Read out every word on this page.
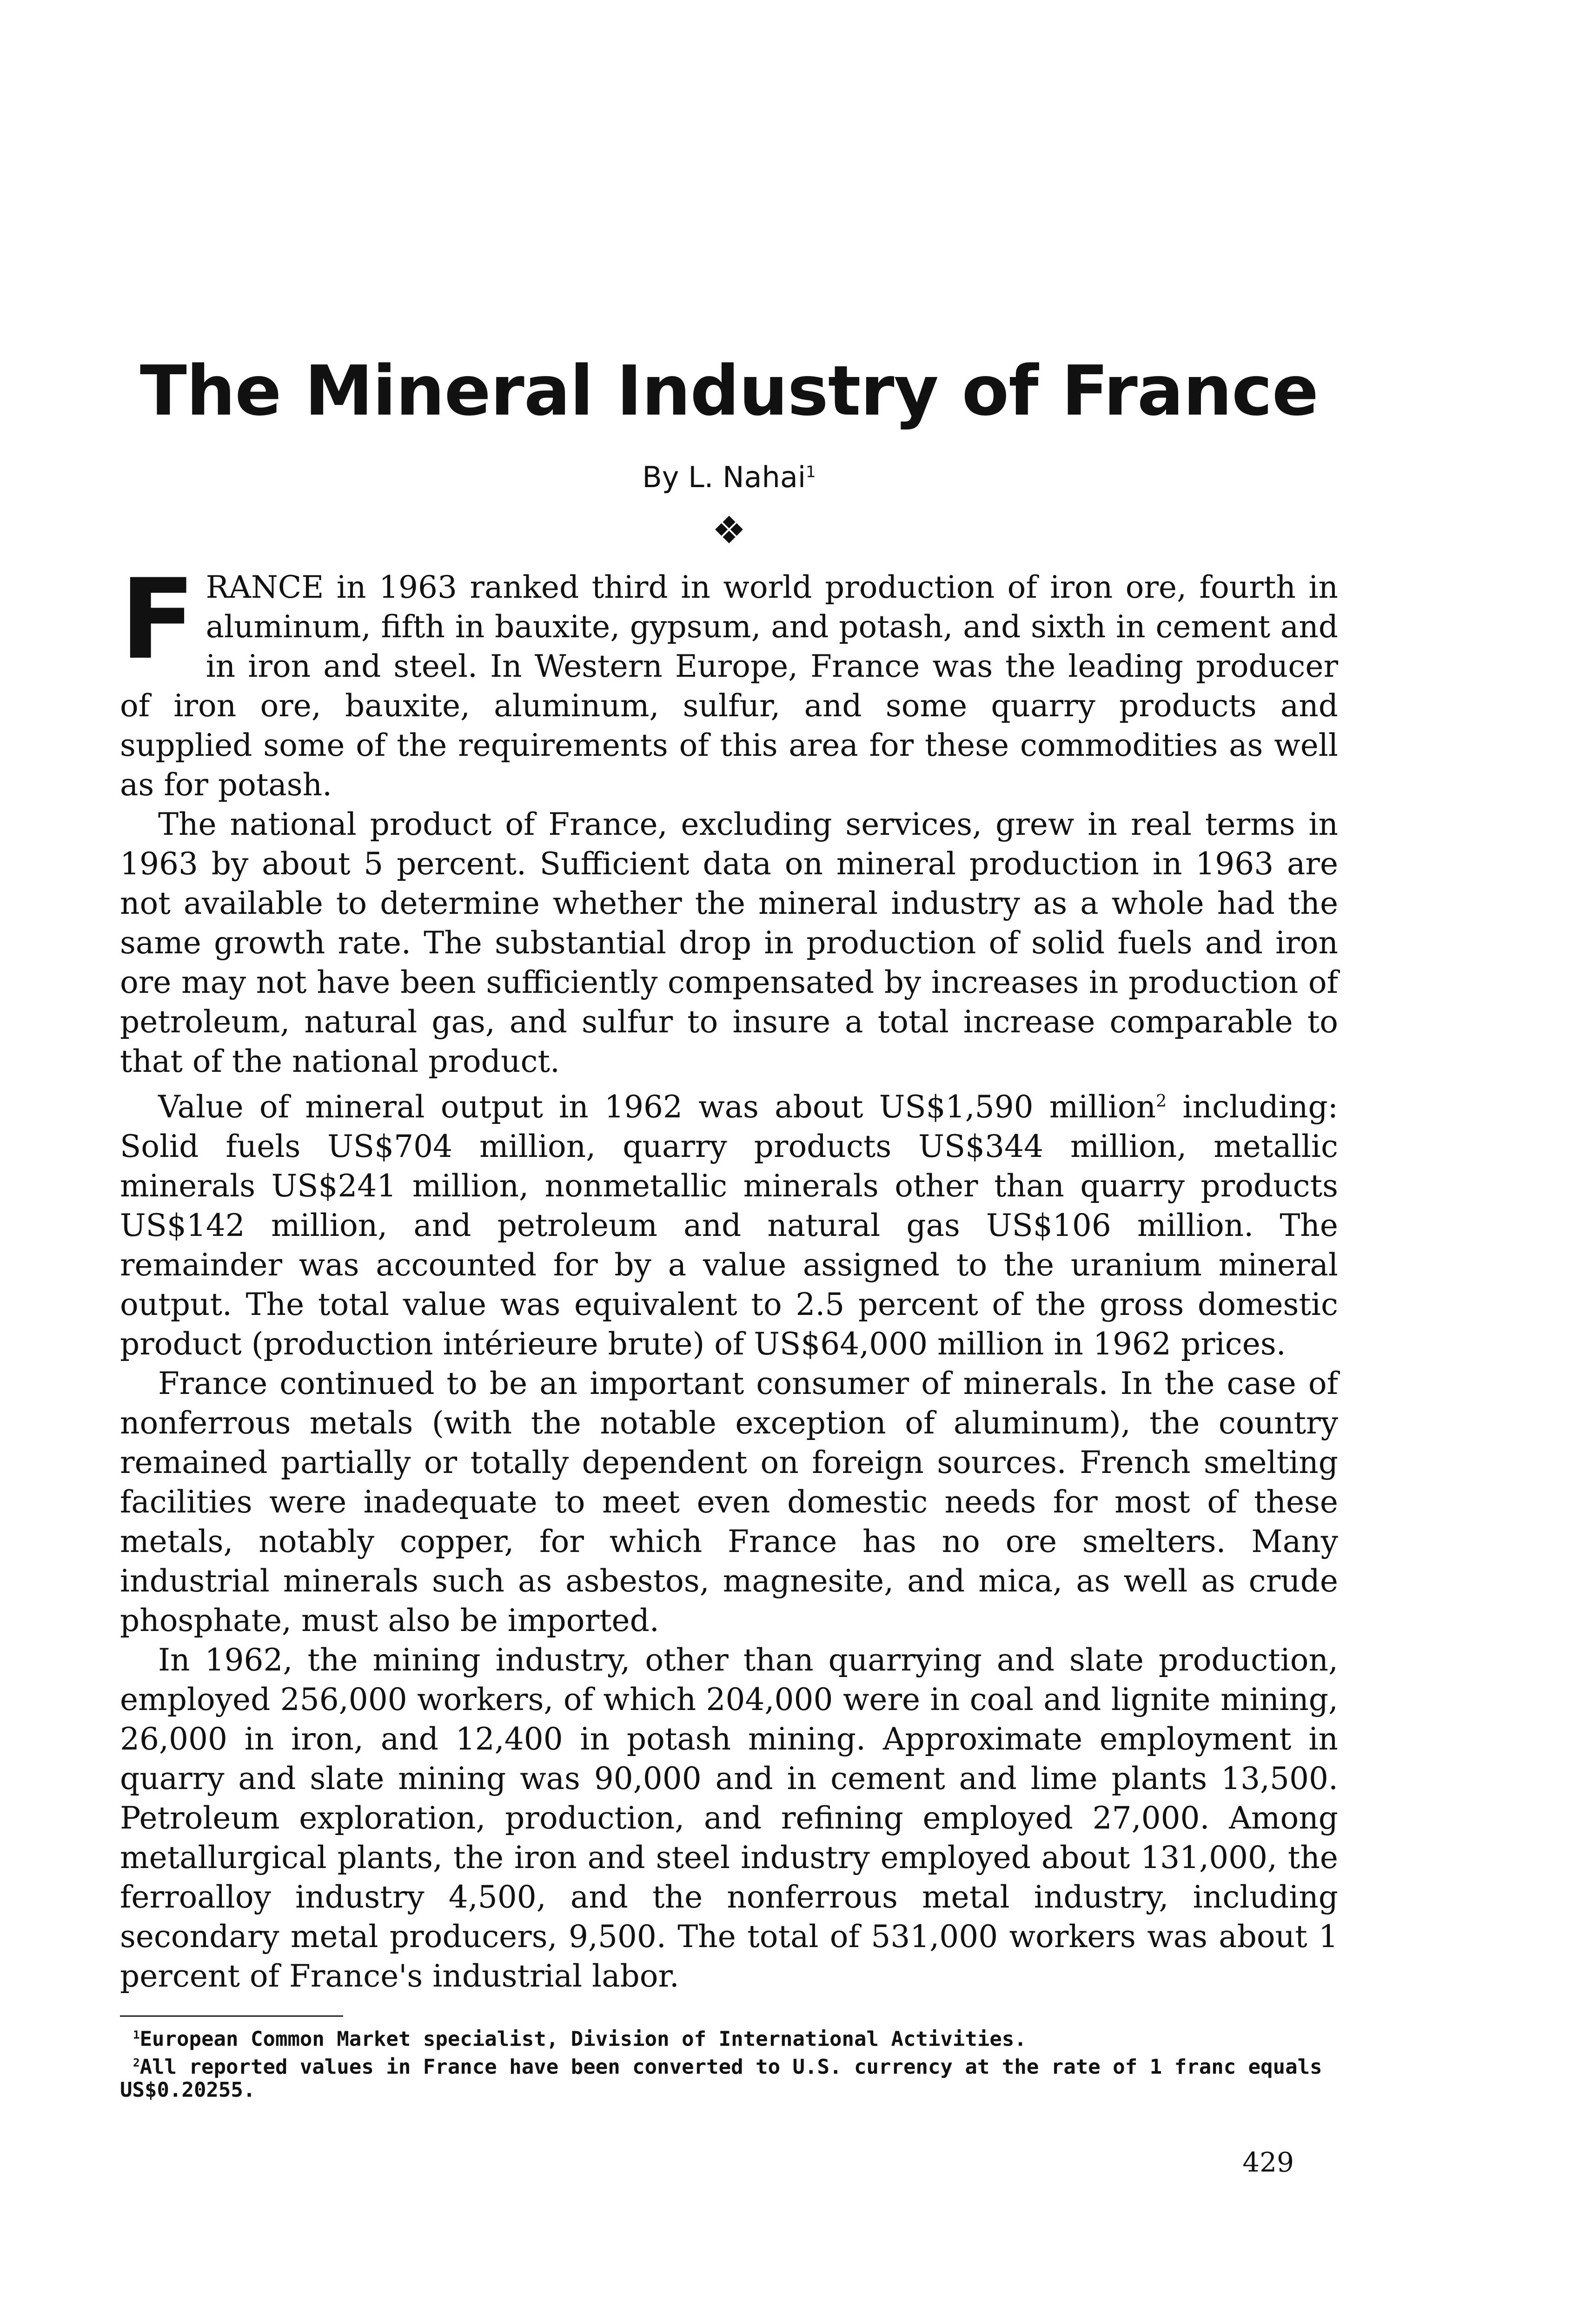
The Mineral Industry of France
By L. Nahai$^1$
❖

FRANCE in 1963 ranked third in world production of iron ore, fourth in aluminum, fifth in bauxite, gypsum, and potash, and sixth in cement and in iron and steel. In Western Europe, France was the leading producer of iron ore, bauxite, aluminum, sulfur, and some quarry products and supplied some of the requirements of this area for these commodities as well as for potash.

The national product of France, excluding services, grew in real terms in 1963 by about 5 percent. Sufficient data on mineral production in 1963 are not available to determine whether the mineral industry as a whole had the same growth rate. The substantial drop in production of solid fuels and iron ore may not have been sufficiently compensated by increases in production of petroleum, natural gas, and sulfur to insure a total increase comparable to that of the national product.

Value of mineral output in 1962 was about US$1,590 million$^2$ including: Solid fuels US$704 million, quarry products US$344 million, metallic minerals US$241 million, nonmetallic minerals other than quarry products US$142 million, and petroleum and natural gas US$106 million. The remainder was accounted for by a value assigned to the uranium mineral output. The total value was equivalent to 2.5 percent of the gross domestic product (production intérieure brute) of US$64,000 million in 1962 prices.

France continued to be an important consumer of minerals. In the case of nonferrous metals (with the notable exception of aluminum), the country remained partially or totally dependent on foreign sources. French smelting facilities were inadequate to meet even domestic needs for most of these metals, notably copper, for which France has no ore smelters. Many industrial minerals such as asbestos, magnesite, and mica, as well as crude phosphate, must also be imported.

In 1962, the mining industry, other than quarrying and slate production, employed 256,000 workers, of which 204,000 were in coal and lignite mining, 26,000 in iron, and 12,400 in potash mining. Approximate employment in quarry and slate mining was 90,000 and in cement and lime plants 13,500. Petroleum exploration, production, and refining employed 27,000. Among metallurgical plants, the iron and steel industry employed about 131,000, the ferroalloy industry 4,500, and the nonferrous metal industry, including secondary metal producers, 9,500. The total of 531,000 workers was about 1 percent of France's industrial labor.

$^1$European Common Market specialist, Division of International Activities.

$^2$All reported values in France have been converted to U.S. currency at the rate of 1 franc equals US$0.20255.

429
